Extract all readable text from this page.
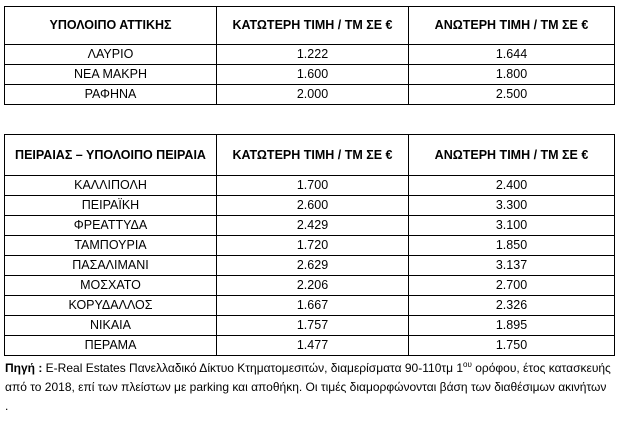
ΥΠΟΛΟΙΠΟ ΑΤΤΙΚΗΣ	ΚΑΤΩΤΕΡΗ ΤΙΜΗ / ΤΜ ΣΕ €	ΑΝΩΤΕΡΗ ΤΙΜΗ / ΤΜ ΣΕ €
ΛΑΥΡΙΟ	1.222	1.644
ΝΕΑ ΜΑΚΡΗ	1.600	1.800
ΡΑΦΗΝΑ	2.000	2.500
ΠΕΙΡΑΙΑΣ – ΥΠΟΛΟΙΠΟ ΠΕΙΡΑΙΑ	ΚΑΤΩΤΕΡΗ ΤΙΜΗ / ΤΜ ΣΕ €	ΑΝΩΤΕΡΗ ΤΙΜΗ / ΤΜ ΣΕ €
ΚΑΛΛΙΠΟΛΗ	1.700	2.400
ΠΕΙΡΑΪΚΗ	2.600	3.300
ΦΡΕΑΤΤΥΔΑ	2.429	3.100
ΤΑΜΠΟΥΡΙΑ	1.720	1.850
ΠΑΣΑΛΙΜΑΝΙ	2.629	3.137
ΜΟΣΧΑΤΟ	2.206	2.700
ΚΟΡΥΔΑΛΛΟΣ	1.667	2.326
ΝΙΚΑΙΑ	1.757	1.895
ΠΕΡΑΜΑ	1.477	1.750

Πηγή : E-Real Estates Πανελλαδικό Δίκτυο Κτηματομεσιτών, διαμερίσματα 90-110τμ $1^{o\upsilon}$ ορόφου, έτος κατασκευής από το 2018, επί των πλείστων με parking και αποθήκη. Οι τιμές διαμορφώνονται βάση των διαθέσιμων ακινήτων .
